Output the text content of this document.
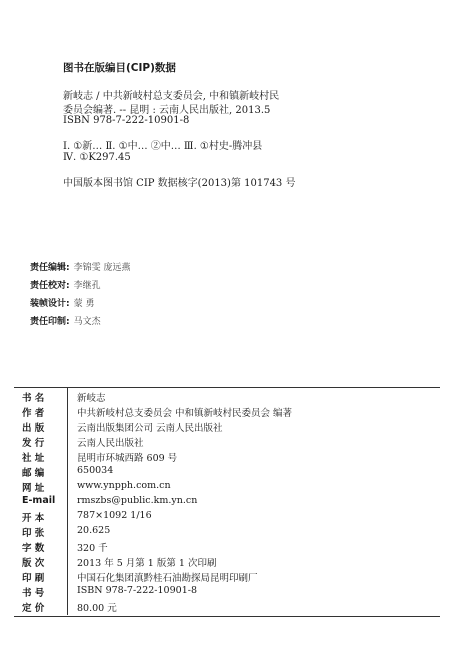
图书在版编目(CIP)数据
新岐志 / 中共新岐村总支委员会, 中和镇新岐村民
委员会编著. -- 昆明 : 云南人民出版社, 2013.5
ISBN 978-7-222-10901-8
Ⅰ. ①新… Ⅱ. ①中… ②中… Ⅲ. ①村史-腾冲县
Ⅳ. ①K297.45
中国版本图书馆 CIP 数据核字(2013)第 101743 号
责任编辑: 李锦雯 庞远燕
责任校对: 李继孔
装帧设计: 蒙 勇
责任印制: 马文杰
书 名	新岐志
作 者	中共新岐村总支委员会 中和镇新岐村民委员会 编著
出 版	云南出版集团公司 云南人民出版社
发 行	云南人民出版社
社 址	昆明市环城西路 609 号
邮 编	650034
网 址	www.ynpph.com.cn
E-mail	rmszbs@public.km.yn.cn
开 本	787×1092 1/16
印 张	20.625
字 数	320 千
版 次	2013 年 5 月第 1 版第 1 次印刷
印 刷	中国石化集团滇黔桂石油勘探局昆明印刷厂
书 号	ISBN 978-7-222-10901-8
定 价	80.00 元
